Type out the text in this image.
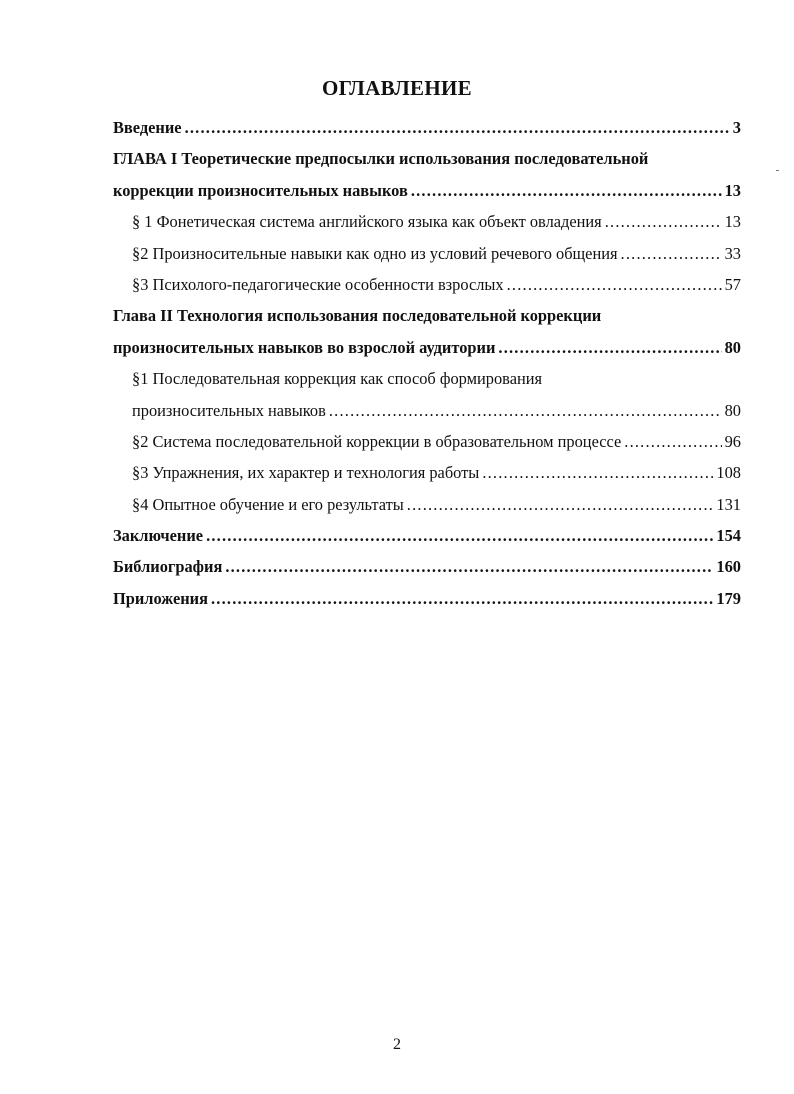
ОГЛАВЛЕНИЕ
Введение .....	3
ГЛАВА I Теоретические предпосылки использования последовательной
коррекции произносительных навыков .....	13
§ 1 Фонетическая система английского языка как объект овладения .....	13
§2 Произносительные навыки как одно из условий речевого общения .....	33
§3 Психолого-педагогические особенности взрослых .....	57
Глава II Технология использования последовательной коррекции
произносительных навыков во взрослой аудитории .....	80
§1 Последовательная коррекция как способ формирования
произносительных навыков .....	80
§2 Система последовательной коррекции в образовательном процессе .....	96
§3 Упражнения, их характер и технология работы .....	108
§4 Опытное обучение и его результаты .....	131
Заключение .....	154
Библиография .....	160
Приложения .....	179
2
